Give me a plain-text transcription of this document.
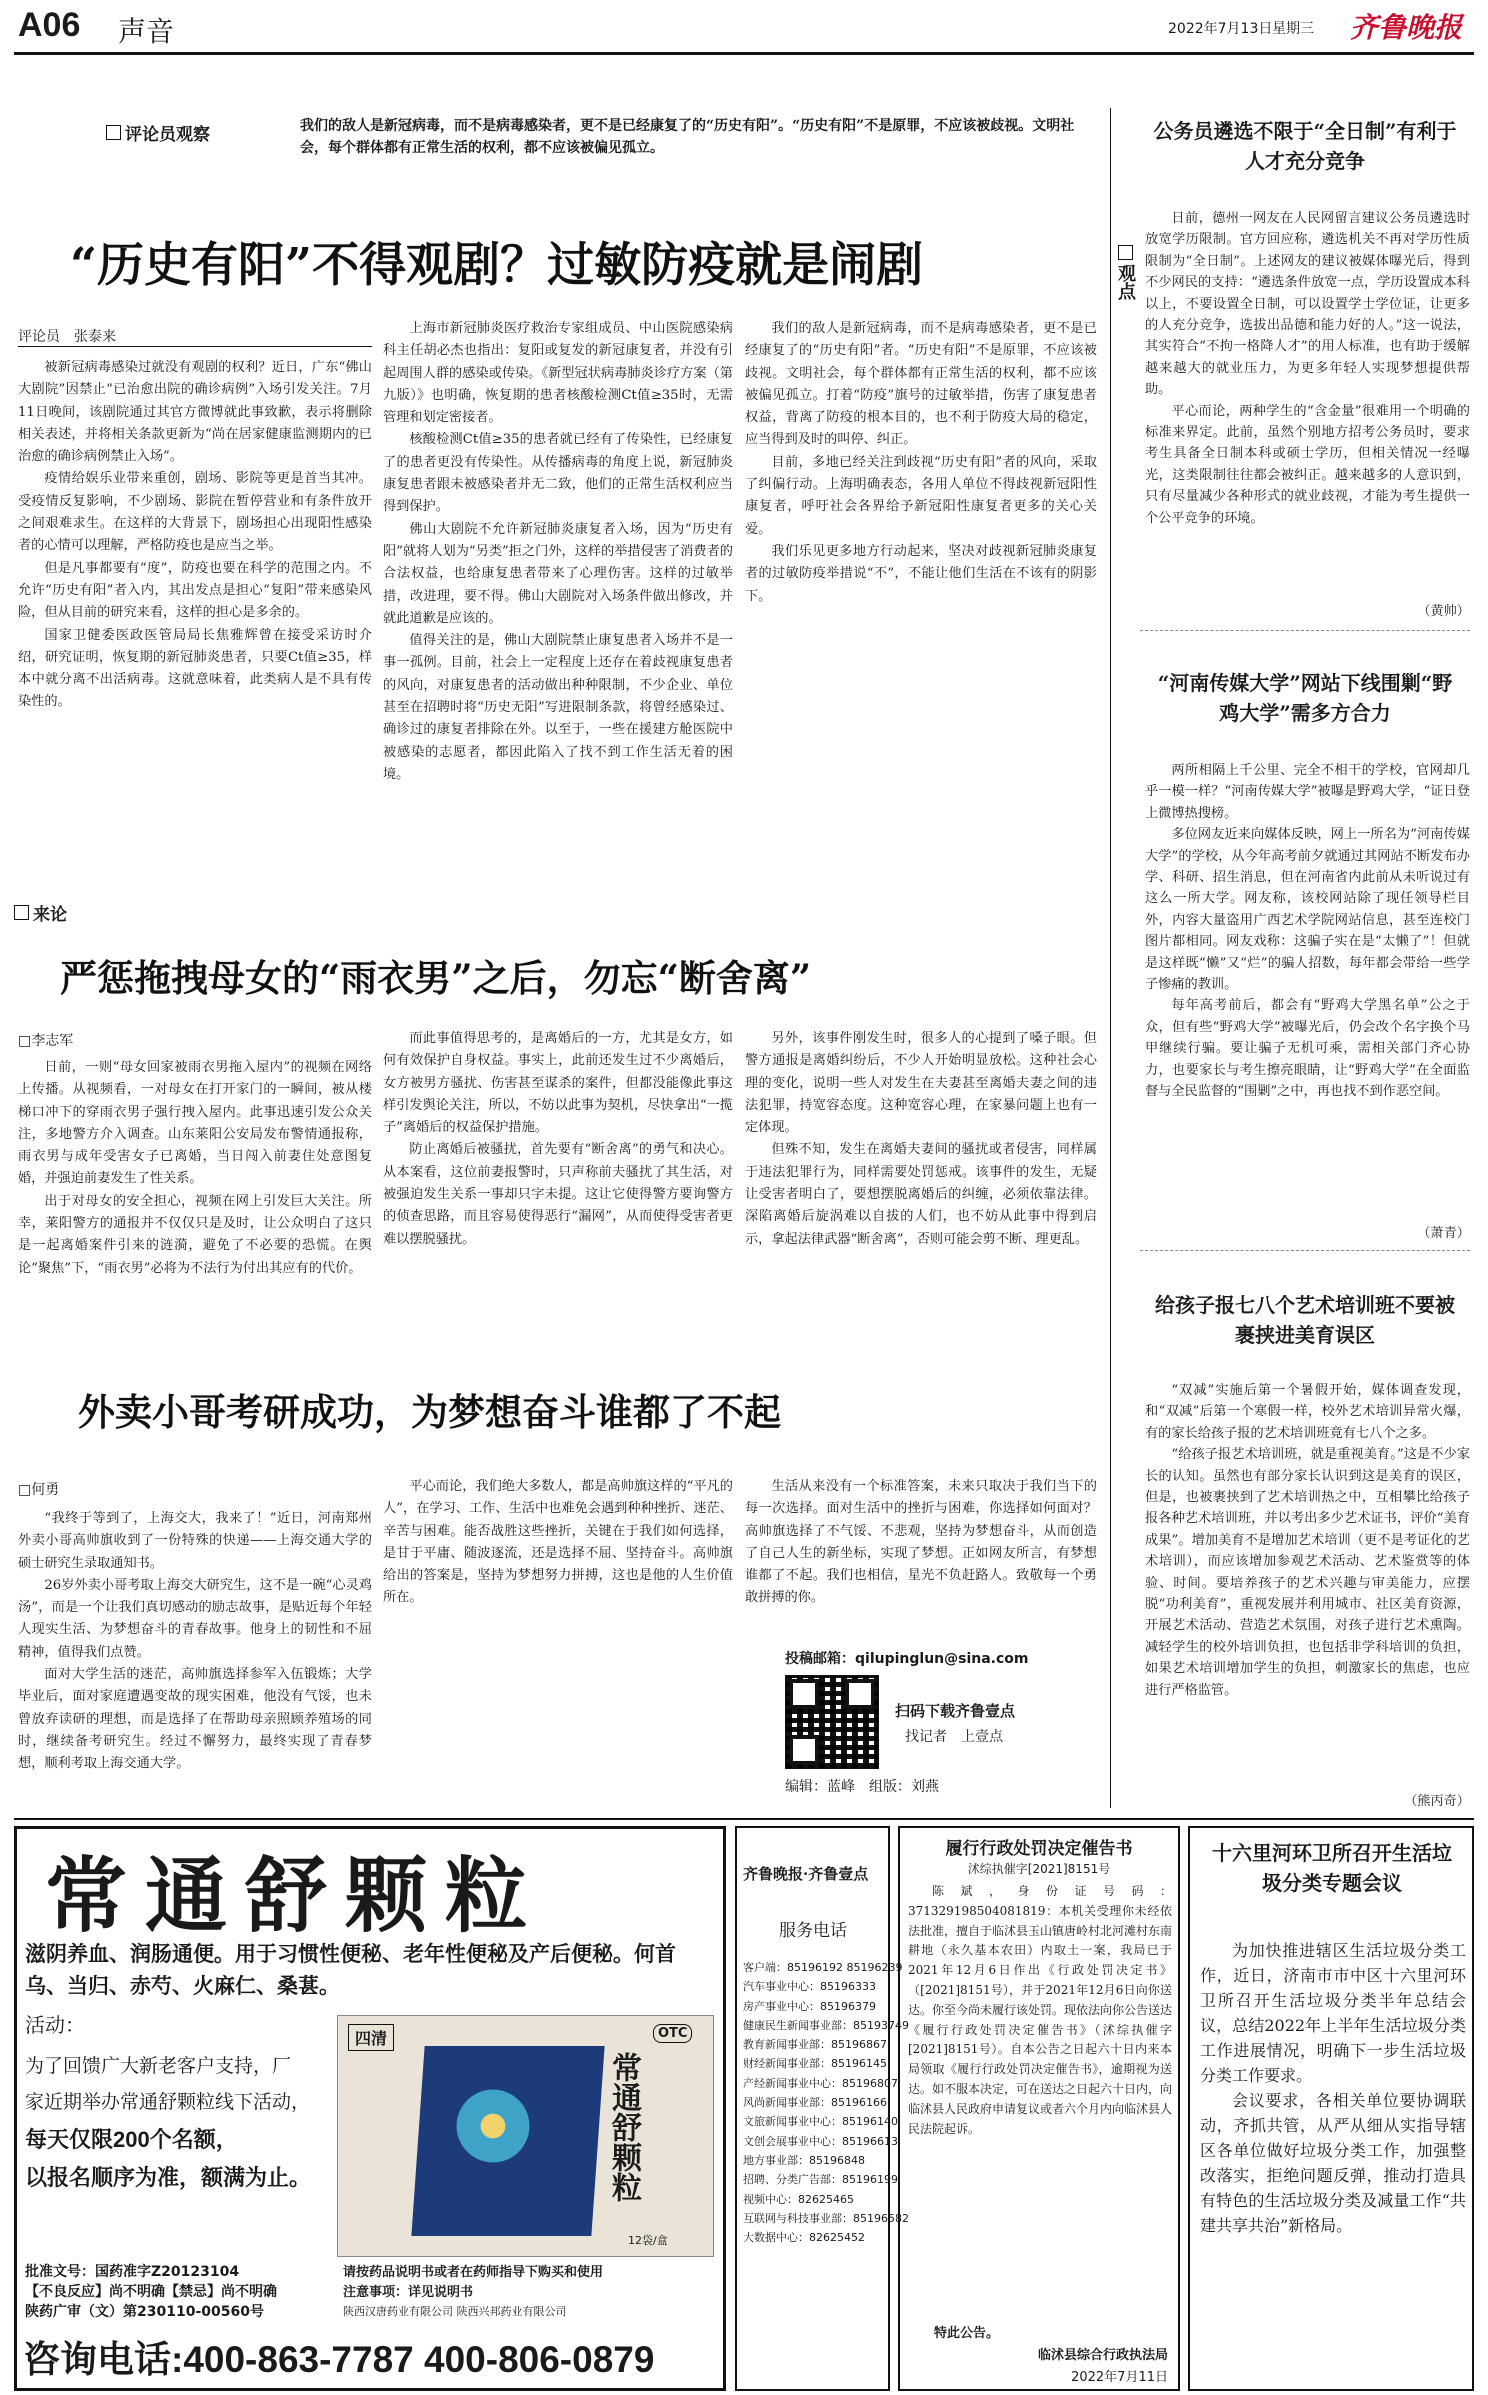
A06 声音	2022年7月13日 星期三 齐鲁晚报
评论员观察	我们的敌人是新冠病毒，而不是病毒感染者，更不是已经康复了的“历史有阳”。“历史有阳”不是原罪，不应该被歧视。文明社会，每个群体都有正常生活的权利，都不应该被偏见孤立。
“历史有阳”不得观剧？过敏防疫就是闹剧
评论员　张泰来

被新冠病毒感染过就没有观剧的权利？近日，广东“佛山大剧院”因禁止“已治愈出院的确诊病例”入场引发关注。7月11日晚间，该剧院通过其官方微博就此事致歉，表示将删除相关表述，并将相关条款更新为“尚在居家健康监测期内的已治愈的确诊病例禁止入场”。

疫情给娱乐业带来重创，剧场、影院等更是首当其冲。受疫情反复影响，不少剧场、影院在暂停营业和有条件放开之间艰难求生。在这样的大背景下，剧场担心出现阳性感染者的心情可以理解，严格防疫也是应当之举。

但是凡事都要有“度”，防疫也要在科学的范围之内。不允许“历史有阳”者入内，其出发点是担心“复阳”带来感染风险，但从目前的研究来看，这样的担心是多余的。

国家卫健委医政医管局局长焦雅辉曾在接受采访时介绍，研究证明，恢复期的新冠肺炎患者，只要Ct值≥35，样本中就分离不出活病毒。这就意味着，此类病人是不具有传染性的。

上海市新冠肺炎医疗救治专家组成员、中山医院感染病科主任胡必杰也指出：复阳或复发的新冠康复者，并没有引起周围人群的感染或传染。《新型冠状病毒肺炎诊疗方案（第九版）》也明确，恢复期的患者核酸检测Ct值≥35时，无需管理和划定密接者。

核酸检测Ct值≥35的患者就已经有了传染性，已经康复了的患者更没有传染性。从传播病毒的角度上说，新冠肺炎康复患者跟未被感染者并无二致，他们的正常生活权利应当得到保护。

佛山大剧院不允许新冠肺炎康复者入场，因为“历史有阳”就将人划为“另类”拒之门外，这样的举措侵害了消费者的合法权益，也给康复患者带来了心理伤害。这样的过敏举措，改进理，要不得。佛山大剧院对入场条件做出修改，并就此道歉是应该的。

值得关注的是，佛山大剧院禁止康复患者入场并不是一事一孤例。目前，社会上一定程度上还存在着歧视康复患者的风向，对康复患者的活动做出种种限制，不少企业、单位甚至在招聘时将“历史无阳”写进限制条款，将曾经感染过、确诊过的康复者排除在外。以至于，一些在援建方舱医院中被感染的志愿者，都因此陷入了找不到工作生活无着的困境。

我们的敌人是新冠病毒，而不是病毒感染者，更不是已经康复了的“历史有阳”者。“历史有阳”不是原罪，不应该被歧视。文明社会，每个群体都有正常生活的权利，都不应该被偏见孤立。打着“防疫”旗号的过敏举措，伤害了康复患者权益，背离了防疫的根本目的，也不利于防疫大局的稳定，应当得到及时的叫停、纠正。

目前，多地已经关注到歧视“历史有阳”者的风向，采取了纠偏行动。上海明确表态，各用人单位不得歧视新冠阳性康复者，呼吁社会各界给予新冠阳性康复者更多的关心关爱。

我们乐见更多地方行动起来，坚决对歧视新冠肺炎康复者的过敏防疫举措说“不”，不能让他们生活在不该有的阴影下。

来论
严惩拖拽母女的“雨衣男”之后，勿忘“断舍离”
□李志军

日前，一则“母女回家被雨衣男拖入屋内”的视频在网络上传播。从视频看，一对母女在打开家门的一瞬间，被从楼梯口冲下的穿雨衣男子强行拽入屋内。此事迅速引发公众关注，多地警方介入调查。山东莱阳公安局发布警情通报称，雨衣男与成年受害女子已离婚，当日闯入前妻住处意图复婚，并强迫前妻发生了性关系。

出于对母女的安全担心，视频在网上引发巨大关注。所幸，莱阳警方的通报并不仅仅只是及时，让公众明白了这只是一起离婚案件引来的涟漪，避免了不必要的恐慌。在舆论“聚焦”下，“雨衣男”必将为不法行为付出其应有的代价。

而此事值得思考的，是离婚后的一方，尤其是女方，如何有效保护自身权益。事实上，此前还发生过不少离婚后，女方被男方骚扰、伤害甚至谋杀的案件，但都没能像此事这样引发舆论关注，所以，不妨以此事为契机，尽快拿出“一揽子”离婚后的权益保护措施。

防止离婚后被骚扰，首先要有“断舍离”的勇气和决心。从本案看，这位前妻报警时，只声称前夫骚扰了其生活，对被强迫发生关系一事却只字未提。这让它使得警方要询警方的侦查思路，而且容易使得恶行“漏网”，从而使得受害者更难以摆脱骚扰。

另外，该事件刚发生时，很多人的心提到了嗓子眼。但警方通报是离婚纠纷后，不少人开始明显放松。这种社会心理的变化，说明一些人对发生在夫妻甚至离婚夫妻之间的违法犯罪，持宽容态度。这种宽容心理，在家暴问题上也有一定体现。

但殊不知，发生在离婚夫妻间的骚扰或者侵害，同样属于违法犯罪行为，同样需要处罚惩戒。该事件的发生，无疑让受害者明白了，要想摆脱离婚后的纠缠，必须依靠法律。深陷离婚后旋涡难以自拔的人们，也不妨从此事中得到启示，拿起法律武器“断舍离”，否则可能会剪不断、理更乱。

外卖小哥考研成功，为梦想奋斗谁都了不起
□何勇

“我终于等到了，上海交大，我来了！”近日，河南郑州外卖小哥高帅旗收到了一份特殊的快递——上海交通大学的硕士研究生录取通知书。

26岁外卖小哥考取上海交大研究生，这不是一碗“心灵鸡汤”，而是一个让我们真切感动的励志故事，是贴近每个年轻人现实生活、为梦想奋斗的青春故事。他身上的韧性和不屈精神，值得我们点赞。

面对大学生活的迷茫，高帅旗选择参军入伍锻炼；大学毕业后，面对家庭遭遇变故的现实困难，他没有气馁，也未曾放弃读研的理想，而是选择了在帮助母亲照顾养殖场的同时，继续备考研究生。经过不懈努力，最终实现了青春梦想，顺利考取上海交通大学。

平心而论，我们绝大多数人，都是高帅旗这样的“平凡的人”，在学习、工作、生活中也难免会遇到种种挫折、迷茫、辛苦与困难。能否战胜这些挫折，关键在于我们如何选择，是甘于平庸、随波逐流，还是选择不屈、坚持奋斗。高帅旗给出的答案是，坚持为梦想努力拼搏，这也是他的人生价值所在。

生活从来没有一个标准答案，未来只取决于我们当下的每一次选择。面对生活中的挫折与困难，你选择如何面对？高帅旗选择了不气馁、不悲观，坚持为梦想奋斗，从而创造了自己人生的新坐标，实现了梦想。正如网友所言，有梦想谁都了不起。我们也相信，星光不负赶路人。致敬每一个勇敢拼搏的你。

投稿邮箱：qilupinglun@sina.com
扫码下载齐鲁壹点
找记者　上壹点
编辑：蓝峰　组版：刘燕
观点
公务员遴选不限于“全日制”有利于人才充分竞争

日前，德州一网友在人民网留言建议公务员遴选时放宽学历限制。官方回应称，遴选机关不再对学历性质限制为“全日制”。上述网友的建议被媒体曝光后，得到不少网民的支持：“遴选条件放宽一点，学历设置成本科以上，不要设置全日制，可以设置学士学位证，让更多的人充分竞争，选拔出品德和能力好的人。”这一说法，其实符合“不拘一格降人才”的用人标准，也有助于缓解越来越大的就业压力，为更多年轻人实现梦想提供帮助。

平心而论，两种学生的“含金量”很难用一个明确的标准来界定。此前，虽然个别地方招考公务员时，要求考生具备全日制本科或硕士学历，但相关情况一经曝光，这类限制往往都会被纠正。越来越多的人意识到，只有尽量减少各种形式的就业歧视，才能为考生提供一个公平竞争的环境。

（黄帅）
“河南传媒大学”网站下线围剿“野鸡大学”需多方合力

两所相隔上千公里、完全不相干的学校，官网却几乎一模一样？“河南传媒大学”被曝是野鸡大学，“证日登上微博热搜榜。

多位网友近来向媒体反映，网上一所名为“河南传媒大学”的学校，从今年高考前夕就通过其网站不断发布办学、科研、招生消息，但在河南省内此前从未听说过有这么一所大学。网友称，该校网站除了现任领导栏目外，内容大量盗用广西艺术学院网站信息，甚至连校门图片都相同。网友戏称：这骗子实在是“太懒了”！但就是这样既“懒”又“烂”的骗人招数，每年都会带给一些学子惨痛的教训。

每年高考前后，都会有“野鸡大学黑名单”公之于众，但有些“野鸡大学”被曝光后，仍会改个名字换个马甲继续行骗。要让骗子无机可乘，需相关部门齐心协力，也要家长与考生擦亮眼睛，让“野鸡大学”在全面监督与全民监督的“围剿”之中，再也找不到作恶空间。

（萧青）
给孩子报七八个艺术培训班不要被裹挟进美育误区

“双减”实施后第一个暑假开始，媒体调查发现，和“双减”后第一个寒假一样，校外艺术培训异常火爆，有的家长给孩子报的艺术培训班竟有七八个之多。

“给孩子报艺术培训班，就是重视美育。”这是不少家长的认知。虽然也有部分家长认识到这是美育的误区，但是，也被裹挟到了艺术培训热之中，互相攀比给孩子报各种艺术培训班，并以考出多少艺术证书，评价“美育成果”。增加美育不是增加艺术培训（更不是考证化的艺术培训），而应该增加参观艺术活动、艺术鉴赏等的体验、时间。要培养孩子的艺术兴趣与审美能力，应摆脱“功利美育”，重视发展并利用城市、社区美育资源，开展艺术活动、营造艺术氛围，对孩子进行艺术熏陶。减轻学生的校外培训负担，也包括非学科培训的负担，如果艺术培训增加学生的负担，刺激家长的焦虑，也应进行严格监管。

（熊丙奇）
常通舒颗粒
滋阴养血、润肠通便。用于习惯性便秘、老年性便秘及产后便秘。何首乌、当归、赤芍、火麻仁、桑葚。
活动：
为了回馈广大新老客户支持，厂
家近期举办常通舒颗粒线下活动，
每天仅限200个名额，
以报名顺序为准，额满为止。
四清	OTC
常通舒颗粒
12袋/盒
批准文号：国药准字Z20123104
【不良反应】尚不明确【禁忌】尚不明确
陕药广审（文）第230110-00560号
请按药品说明书或者在药师指导下购买和使用
注意事项：详见说明书
陕西汉唐药业有限公司 陕西兴邦药业有限公司
咨询电话:400-863-7787 400-806-0879
齐鲁晚报·齐鲁壹点
服务电话
客户端：85196192 85196239
汽车事业中心：85196333
房产事业中心：85196379
健康民生新闻事业部：85193749
教育新闻事业部：85196867
财经新闻事业部：85196145
产经新闻事业中心：85196807
风尚新闻事业部：85196166
文旅新闻事业中心：85196140
文创会展事业中心：85196613
地方事业部：85196848
招聘、分类广告部：85196199
视频中心：82625465
互联网与科技事业部：85196582
大数据中心：82625452
履行行政处罚决定催告书
沭综执催字[2021]8151号
陈斌，身份证号码：371329198504081819：本机关受理你未经依法批准，擅自于临沭县玉山镇唐岭村北河滩村东南耕地（永久基本农田）内取土一案，我局已于2021年12月6日作出《行政处罚决定书》（[2021]8151号），并于2021年12月6日向你送达。你至今尚未履行该处罚。现依法向你公告送达《履行行政处罚决定催告书》（沭综执催字[2021]8151号）。自本公告之日起六十日内来本局领取《履行行政处罚决定催告书》，逾期视为送达。如不服本决定，可在送达之日起六十日内，向临沭县人民政府申请复议或者六个月内向临沭县人民法院起诉。
特此公告。
临沭县综合行政执法局
2022年7月11日
十六里河环卫所召开生活垃圾分类专题会议

为加快推进辖区生活垃圾分类工作，近日，济南市市中区十六里河环卫所召开生活垃圾分类半年总结会议，总结2022年上半年生活垃圾分类工作进展情况，明确下一步生活垃圾分类工作要求。

会议要求，各相关单位要协调联动，齐抓共管，从严从细从实指导辖区各单位做好垃圾分类工作，加强整改落实，拒绝问题反弹，推动打造具有特色的生活垃圾分类及减量工作“共建共享共治”新格局。
